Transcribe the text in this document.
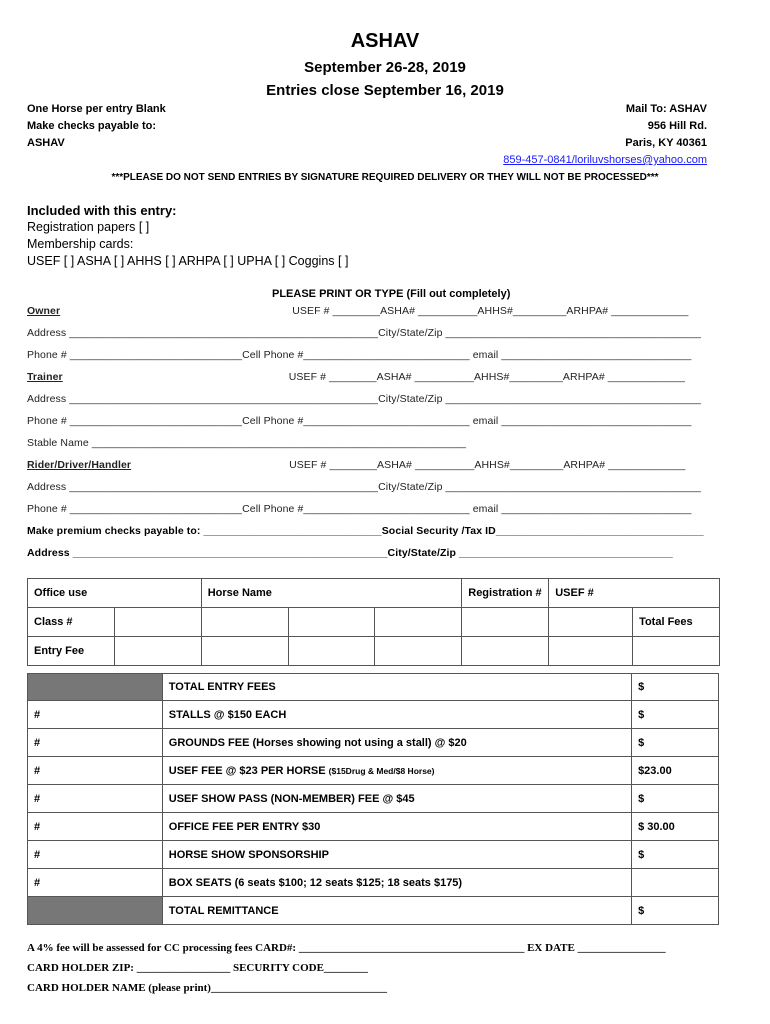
ASHAV
September 26-28, 2019
Entries close September 16, 2019
One Horse per entry Blank
Make checks payable to:
ASHAV
Mail To: ASHAV
956 Hill Rd.
Paris, KY 40361
859-457-0841/loriluvshorses@yahoo.com
***PLEASE DO NOT SEND ENTRIES BY SIGNATURE REQUIRED DELIVERY OR THEY WILL NOT BE PROCESSED***
Included with this entry:
Registration papers [ ]
Membership cards:
USEF [ ] ASHA [ ] AHHS [ ] ARHPA [ ] UPHA [ ] Coggins [ ]
PLEASE PRINT OR TYPE (Fill out completely)
Owner	USEF # ________ASHA# __________AHHS#_________ARHPA# _____________
Address ____________________________________________________City/State/Zip ___________________________________________
Phone # _____________________________Cell Phone #____________________________ email ________________________________
Trainer	USEF # ________ASHA# __________AHHS#_________ARHPA# _____________
Address ____________________________________________________City/State/Zip ___________________________________________
Phone # _____________________________Cell Phone #____________________________ email ________________________________
Stable Name _______________________________________________________________
Rider/Driver/Handler	USEF # ________ASHA# __________AHHS#_________ARHPA# _____________
Address ____________________________________________________City/State/Zip ___________________________________________
Phone # _____________________________Cell Phone #____________________________ email ________________________________
Make premium checks payable to: ______________________________Social Security /Tax ID___________________________________
Address _____________________________________________________City/State/Zip ____________________________________
Office use		Horse Name			Registration #	USEF #	
Class #							Total Fees
Entry Fee							
	TOTAL ENTRY FEES	$
#	STALLS @ $150 EACH	$
#	GROUNDS FEE (Horses showing not using a stall) @ $20	$
#	USEF FEE @ $23 PER HORSE ($15Drug & Med/$8 Horse)	$23.00
#	USEF SHOW PASS (NON-MEMBER) FEE @ $45	$
#	OFFICE FEE PER ENTRY $30	$ 30.00
#	HORSE SHOW SPONSORSHIP	$
#	BOX SEATS (6 seats $100; 12 seats $125; 18 seats $175)	
	TOTAL REMITTANCE	$
A 4% fee will be assessed for CC processing fees CARD#: _________________________________________ EX DATE ________________
CARD HOLDER ZIP: _________________ SECURITY CODE________
CARD HOLDER NAME (please print)________________________________
